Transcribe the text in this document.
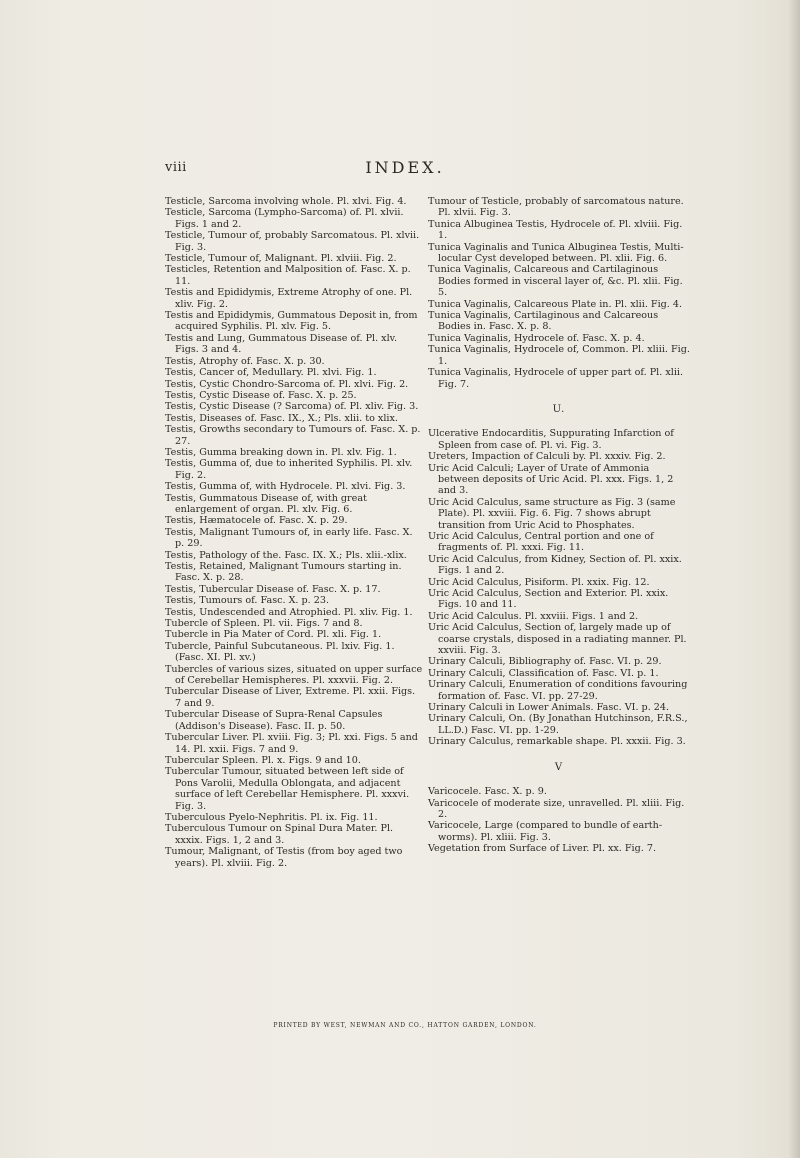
viii	INDEX.

Testicle, Sarcoma involving whole. Pl. xlvi. Fig. 4.

Testicle, Sarcoma (Lympho-Sarcoma) of. Pl. xlvii. Figs. 1 and 2.

Testicle, Tumour of, probably Sarcomatous. Pl. xlvii. Fig. 3.

Testicle, Tumour of, Malignant. Pl. xlviii. Fig. 2.

Testicles, Retention and Malposition of. Fasc. X. p. 11.

Testis and Epididymis, Extreme Atrophy of one. Pl. xliv. Fig. 2.

Testis and Epididymis, Gummatous Deposit in, from acquired Syphilis. Pl. xlv. Fig. 5.

Testis and Lung, Gummatous Disease of. Pl. xlv. Figs. 3 and 4.

Testis, Atrophy of. Fasc. X. p. 30.

Testis, Cancer of, Medullary. Pl. xlvi. Fig. 1.

Testis, Cystic Chondro-Sarcoma of. Pl. xlvi. Fig. 2.

Testis, Cystic Disease of. Fasc. X. p. 25.

Testis, Cystic Disease (? Sarcoma) of. Pl. xliv. Fig. 3.

Testis, Diseases of. Fasc. IX., X.; Pls. xlii. to xlix.

Testis, Growths secondary to Tumours of. Fasc. X. p. 27.

Testis, Gumma breaking down in. Pl. xlv. Fig. 1.

Testis, Gumma of, due to inherited Syphilis. Pl. xlv. Fig. 2.

Testis, Gumma of, with Hydrocele. Pl. xlvi. Fig. 3.

Testis, Gummatous Disease of, with great enlargement of organ. Pl. xlv. Fig. 6.

Testis, Hæmatocele of. Fasc. X. p. 29.

Testis, Malignant Tumours of, in early life. Fasc. X. p. 29.

Testis, Pathology of the. Fasc. IX. X.; Pls. xlii.-xlix.

Testis, Retained, Malignant Tumours starting in. Fasc. X. p. 28.

Testis, Tubercular Disease of. Fasc. X. p. 17.

Testis, Tumours of. Fasc. X. p. 23.

Testis, Undescended and Atrophied. Pl. xliv. Fig. 1.

Tubercle of Spleen. Pl. vii. Figs. 7 and 8.

Tubercle in Pia Mater of Cord. Pl. xli. Fig. 1.

Tubercle, Painful Subcutaneous. Pl. lxiv. Fig. 1. (Fasc. XI. Pl. xv.)

Tubercles of various sizes, situated on upper surface of Cerebellar Hemispheres. Pl. xxxvii. Fig. 2.

Tubercular Disease of Liver, Extreme. Pl. xxii. Figs. 7 and 9.

Tubercular Disease of Supra-Renal Capsules (Addison's Disease). Fasc. II. p. 50.

Tubercular Liver. Pl. xviii. Fig. 3; Pl. xxi. Figs. 5 and 14. Pl. xxii. Figs. 7 and 9.

Tubercular Spleen. Pl. x. Figs. 9 and 10.

Tubercular Tumour, situated between left side of Pons Varolii, Medulla Oblongata, and adjacent surface of left Cerebellar Hemisphere. Pl. xxxvi. Fig. 3.

Tuberculous Pyelo-Nephritis. Pl. ix. Fig. 11.

Tuberculous Tumour on Spinal Dura Mater. Pl. xxxix. Figs. 1, 2 and 3.

Tumour, Malignant, of Testis (from boy aged two years). Pl. xlviii. Fig. 2.

Tumour of Testicle, probably of sarcomatous nature. Pl. xlvii. Fig. 3.

Tunica Albuginea Testis, Hydrocele of. Pl. xlviii. Fig. 1.

Tunica Vaginalis and Tunica Albuginea Testis, Multi-locular Cyst developed between. Pl. xlii. Fig. 6.

Tunica Vaginalis, Calcareous and Cartilaginous Bodies formed in visceral layer of, &c. Pl. xlii. Fig. 5.

Tunica Vaginalis, Calcareous Plate in. Pl. xlii. Fig. 4.

Tunica Vaginalis, Cartilaginous and Calcareous Bodies in. Fasc. X. p. 8.

Tunica Vaginalis, Hydrocele of. Fasc. X. p. 4.

Tunica Vaginalis, Hydrocele of, Common. Pl. xliii. Fig. 1.

Tunica Vaginalis, Hydrocele of upper part of. Pl. xlii. Fig. 7.

U.

Ulcerative Endocarditis, Suppurating Infarction of Spleen from case of. Pl. vi. Fig. 3.

Ureters, Impaction of Calculi by. Pl. xxxiv. Fig. 2.

Uric Acid Calculi; Layer of Urate of Ammonia between deposits of Uric Acid. Pl. xxx. Figs. 1, 2 and 3.

Uric Acid Calculus, same structure as Fig. 3 (same Plate). Pl. xxviii. Fig. 6. Fig. 7 shows abrupt transition from Uric Acid to Phosphates.

Uric Acid Calculus, Central portion and one of fragments of. Pl. xxxi. Fig. 11.

Uric Acid Calculus, from Kidney, Section of. Pl. xxix. Figs. 1 and 2.

Uric Acid Calculus, Pisiform. Pl. xxix. Fig. 12.

Uric Acid Calculus, Section and Exterior. Pl. xxix. Figs. 10 and 11.

Uric Acid Calculus. Pl. xxviii. Figs. 1 and 2.

Uric Acid Calculus, Section of, largely made up of coarse crystals, disposed in a radiating manner. Pl. xxviii. Fig. 3.

Urinary Calculi, Bibliography of. Fasc. VI. p. 29.

Urinary Calculi, Classification of. Fasc. VI. p. 1.

Urinary Calculi, Enumeration of conditions favouring formation of. Fasc. VI. pp. 27-29.

Urinary Calculi in Lower Animals. Fasc. VI. p. 24.

Urinary Calculi, On. (By Jonathan Hutchinson, F.R.S., LL.D.) Fasc. VI. pp. 1-29.

Urinary Calculus, remarkable shape. Pl. xxxii. Fig. 3.

V

Varicocele. Fasc. X. p. 9.

Varicocele of moderate size, unravelled. Pl. xliii. Fig. 2.

Varicocele, Large (compared to bundle of earth-worms). Pl. xliii. Fig. 3.

Vegetation from Surface of Liver. Pl. xx. Fig. 7.

PRINTED BY WEST, NEWMAN AND CO., HATTON GARDEN, LONDON.
